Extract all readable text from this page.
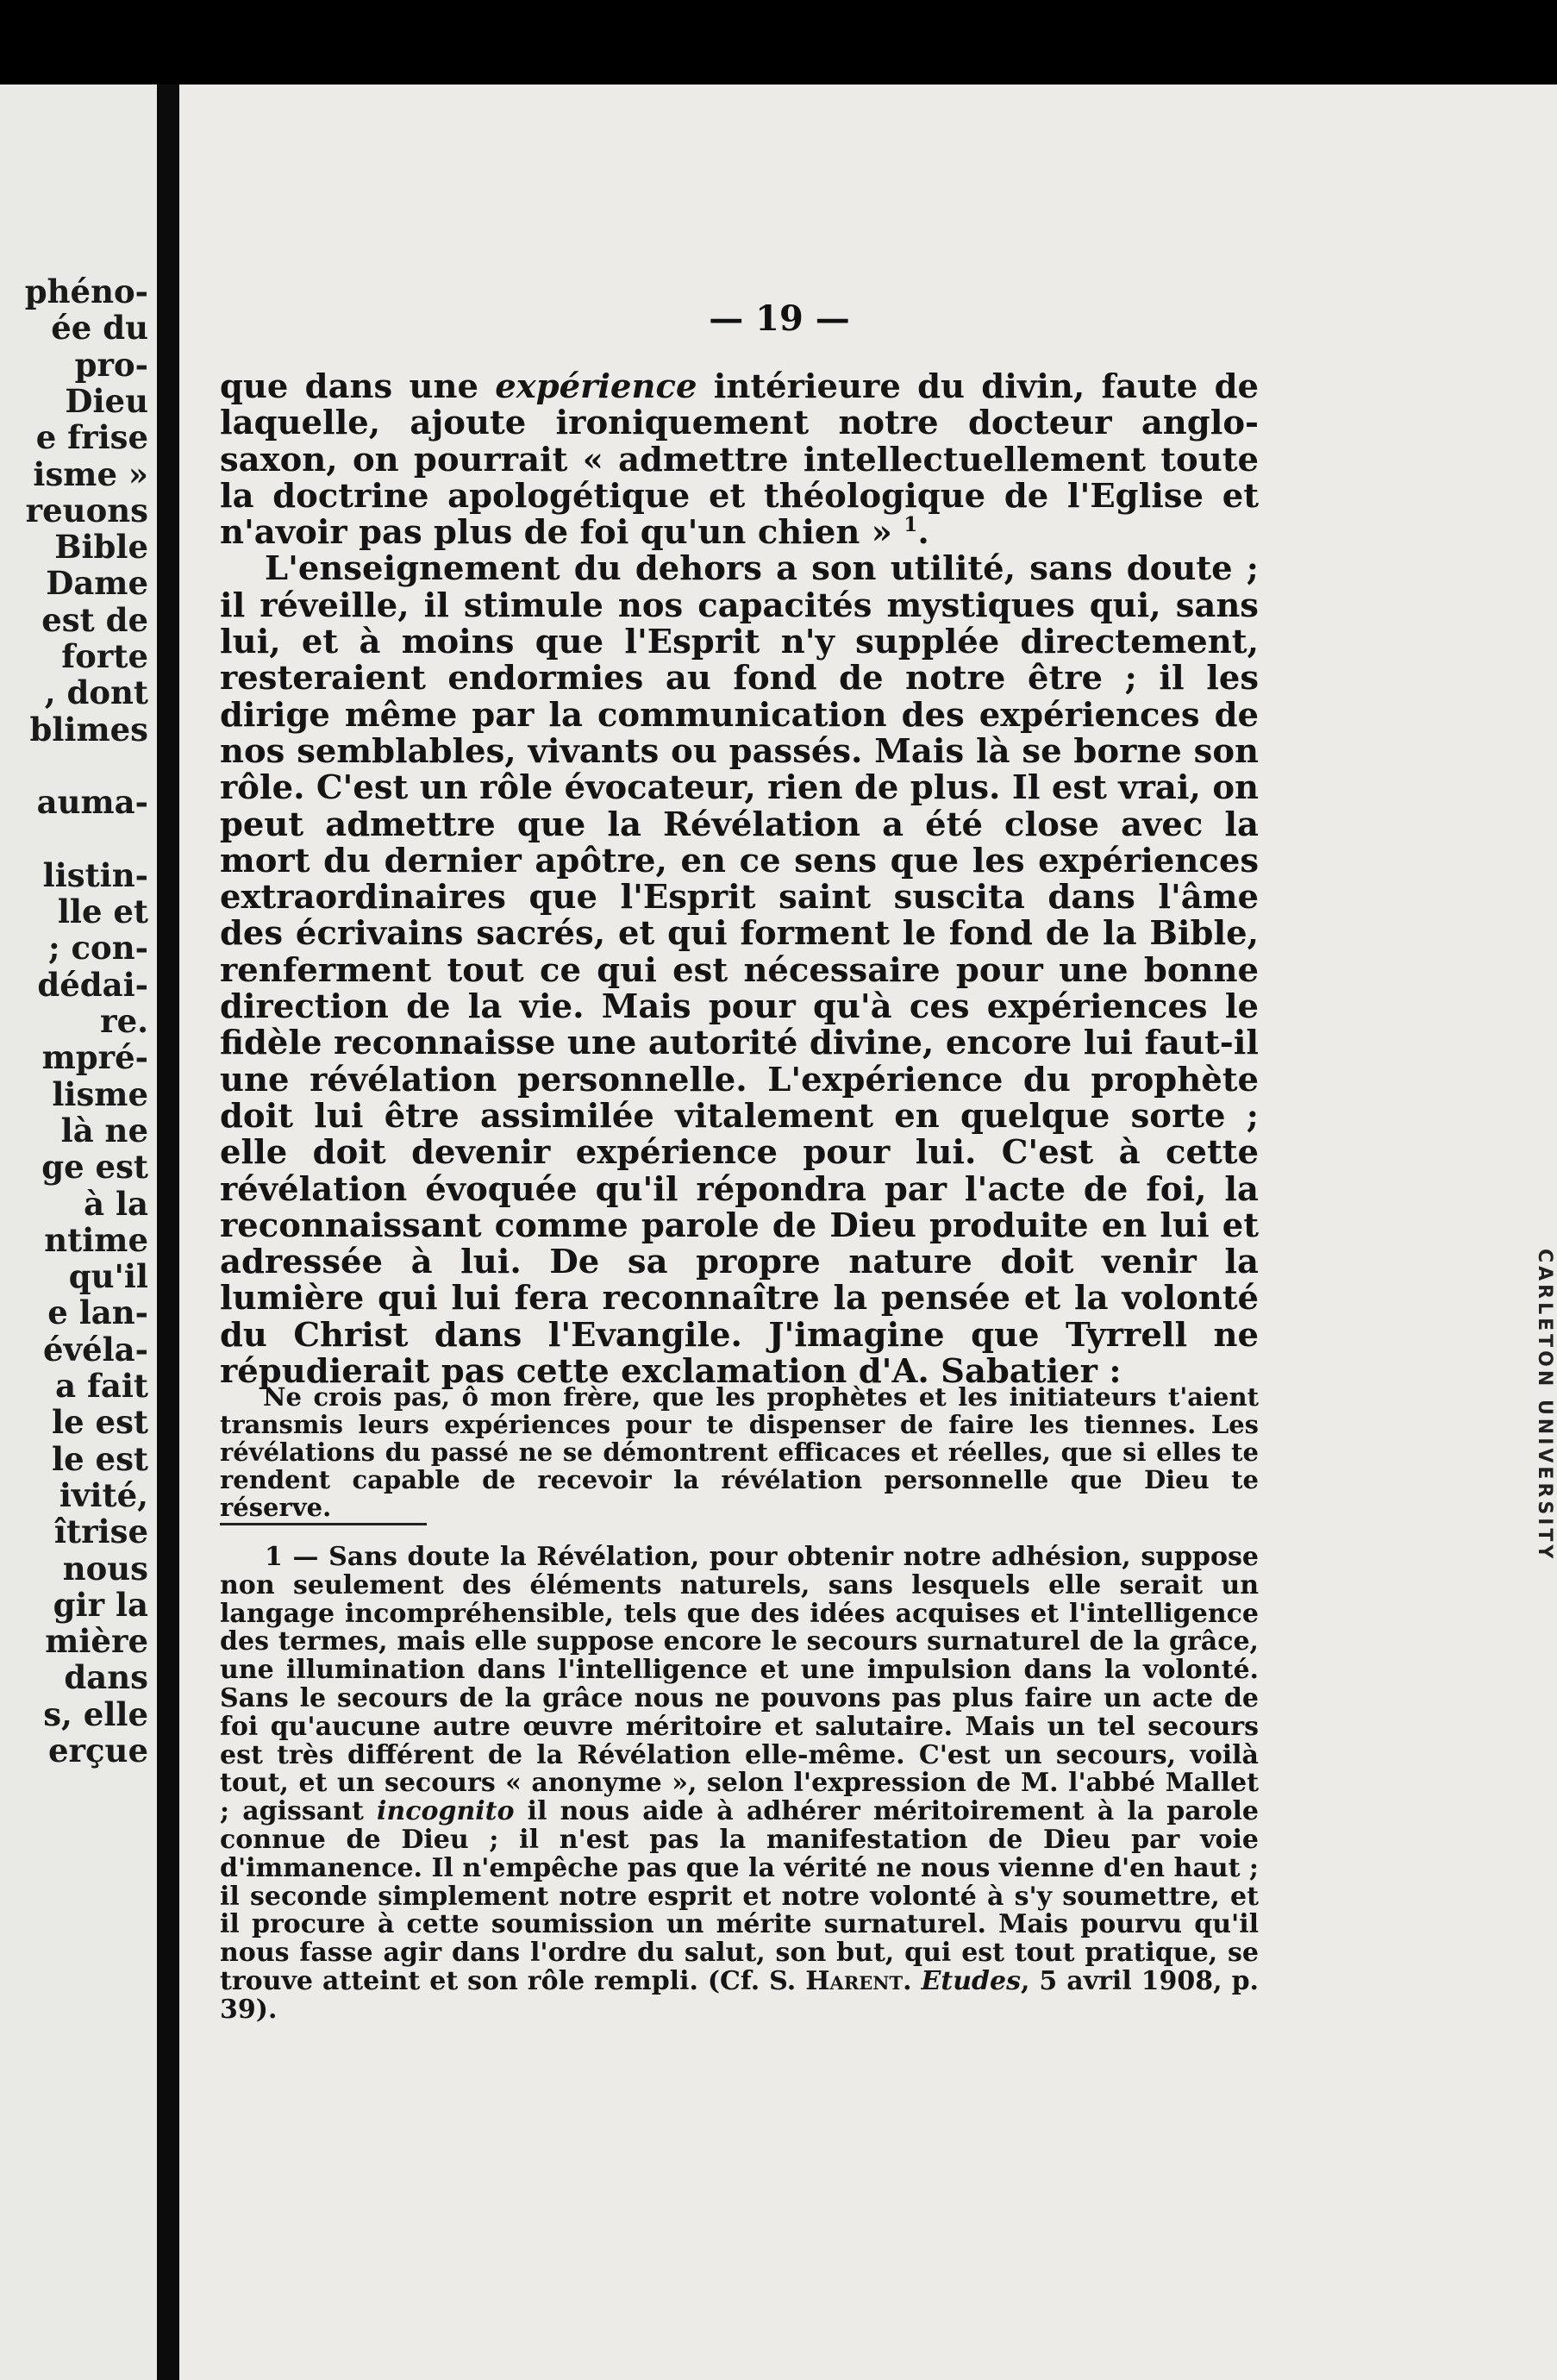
phéno-
ée du
pro-
Dieu
e frise
isme »
reuons
Bible
Dame
est de
forte
, dont
blimes
auma-
listin-
lle et
; con-
dédai-
re.
mpré-
lisme
là ne
ge est
à la
ntime
qu'il
e lan-
évéla-
a fait
le est
le est
ivité,
îtrise
nous
gir la
mière
dans
s, elle
erçue
— 19 —

que dans une expérience intérieure du divin, faute de laquelle, ajoute ironiquement notre docteur anglo-saxon, on pourrait « admettre intellectuellement toute la doctrine apologétique et théologique de l'Eglise et n'avoir pas plus de foi qu'un chien » $^1$.

L'enseignement du dehors a son utilité, sans doute ; il réveille, il stimule nos capacités mystiques qui, sans lui, et à moins que l'Esprit n'y supplée directement, resteraient endormies au fond de notre être ; il les dirige même par la communication des expériences de nos semblables, vivants ou passés. Mais là se borne son rôle. C'est un rôle évocateur, rien de plus. Il est vrai, on peut admettre que la Révélation a été close avec la mort du dernier apôtre, en ce sens que les expériences extraordinaires que l'Esprit saint suscita dans l'âme des écrivains sacrés, et qui forment le fond de la Bible, renferment tout ce qui est nécessaire pour une bonne direction de la vie. Mais pour qu'à ces expériences le fidèle reconnaisse une autorité divine, encore lui faut-il une révélation personnelle. L'expérience du prophète doit lui être assimilée vitalement en quelque sorte ; elle doit devenir expérience pour lui. C'est à cette révélation évoquée qu'il répondra par l'acte de foi, la reconnaissant comme parole de Dieu produite en lui et adressée à lui. De sa propre nature doit venir la lumière qui lui fera reconnaître la pensée et la volonté du Christ dans l'Evangile. J'imagine que Tyrrell ne répudierait pas cette exclamation d'A. Sabatier :

Ne crois pas, ô mon frère, que les prophètes et les initiateurs t'aient transmis leurs expériences pour te dispenser de faire les tiennes. Les révélations du passé ne se démontrent efficaces et réelles, que si elles te rendent capable de recevoir la révélation personnelle que Dieu te réserve.
1 — Sans doute la Révélation, pour obtenir notre adhésion, suppose non seulement des éléments naturels, sans lesquels elle serait un langage incompréhensible, tels que des idées acquises et l'intelligence des termes, mais elle suppose encore le secours surnaturel de la grâce, une illumination dans l'intelligence et une impulsion dans la volonté. Sans le secours de la grâce nous ne pouvons pas plus faire un acte de foi qu'aucune autre œuvre méritoire et salutaire. Mais un tel secours est très différent de la Révélation elle-même. C'est un secours, voilà tout, et un secours « anonyme », selon l'expression de M. l'abbé Mallet ; agissant incognito il nous aide à adhérer méritoirement à la parole connue de Dieu ; il n'est pas la manifestation de Dieu par voie d'immanence. Il n'empêche pas que la vérité ne nous vienne d'en haut ; il seconde simplement notre esprit et notre volonté à s'y soumettre, et il procure à cette soumission un mérite surnaturel. Mais pourvu qu'il nous fasse agir dans l'ordre du salut, son but, qui est tout pratique, se trouve atteint et son rôle rempli. (Cf. S. Harent. Etudes, 5 avril 1908, p. 39).
CARLETON UNIVERSITY
